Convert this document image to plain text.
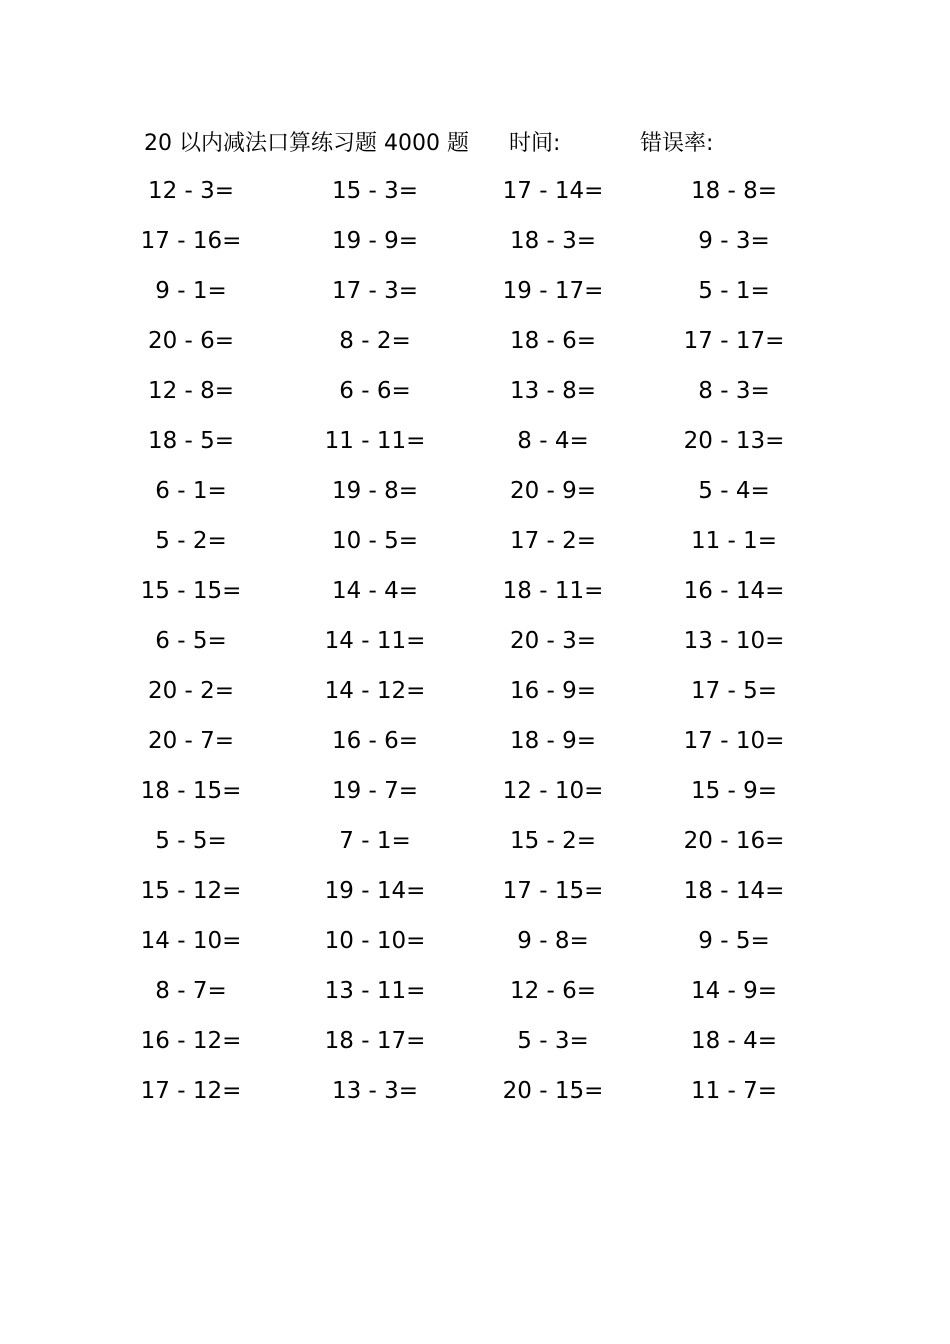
20 以内减法口算练习题 4000 题 时间:	错误率:
12 - 3=	15 - 3=	17 - 14=	18 - 8=
17 - 16=	19 - 9=	18 - 3=	9 - 3=
9 - 1=	17 - 3=	19 - 17=	5 - 1=
20 - 6=	8 - 2=	18 - 6=	17 - 17=
12 - 8=	6 - 6=	13 - 8=	8 - 3=
18 - 5=	11 - 11=	8 - 4=	20 - 13=
6 - 1=	19 - 8=	20 - 9=	5 - 4=
5 - 2=	10 - 5=	17 - 2=	11 - 1=
15 - 15=	14 - 4=	18 - 11=	16 - 14=
6 - 5=	14 - 11=	20 - 3=	13 - 10=
20 - 2=	14 - 12=	16 - 9=	17 - 5=
20 - 7=	16 - 6=	18 - 9=	17 - 10=
18 - 15=	19 - 7=	12 - 10=	15 - 9=
5 - 5=	7 - 1=	15 - 2=	20 - 16=
15 - 12=	19 - 14=	17 - 15=	18 - 14=
14 - 10=	10 - 10=	9 - 8=	9 - 5=
8 - 7=	13 - 11=	12 - 6=	14 - 9=
16 - 12=	18 - 17=	5 - 3=	18 - 4=
17 - 12=	13 - 3=	20 - 15=	11 - 7=
